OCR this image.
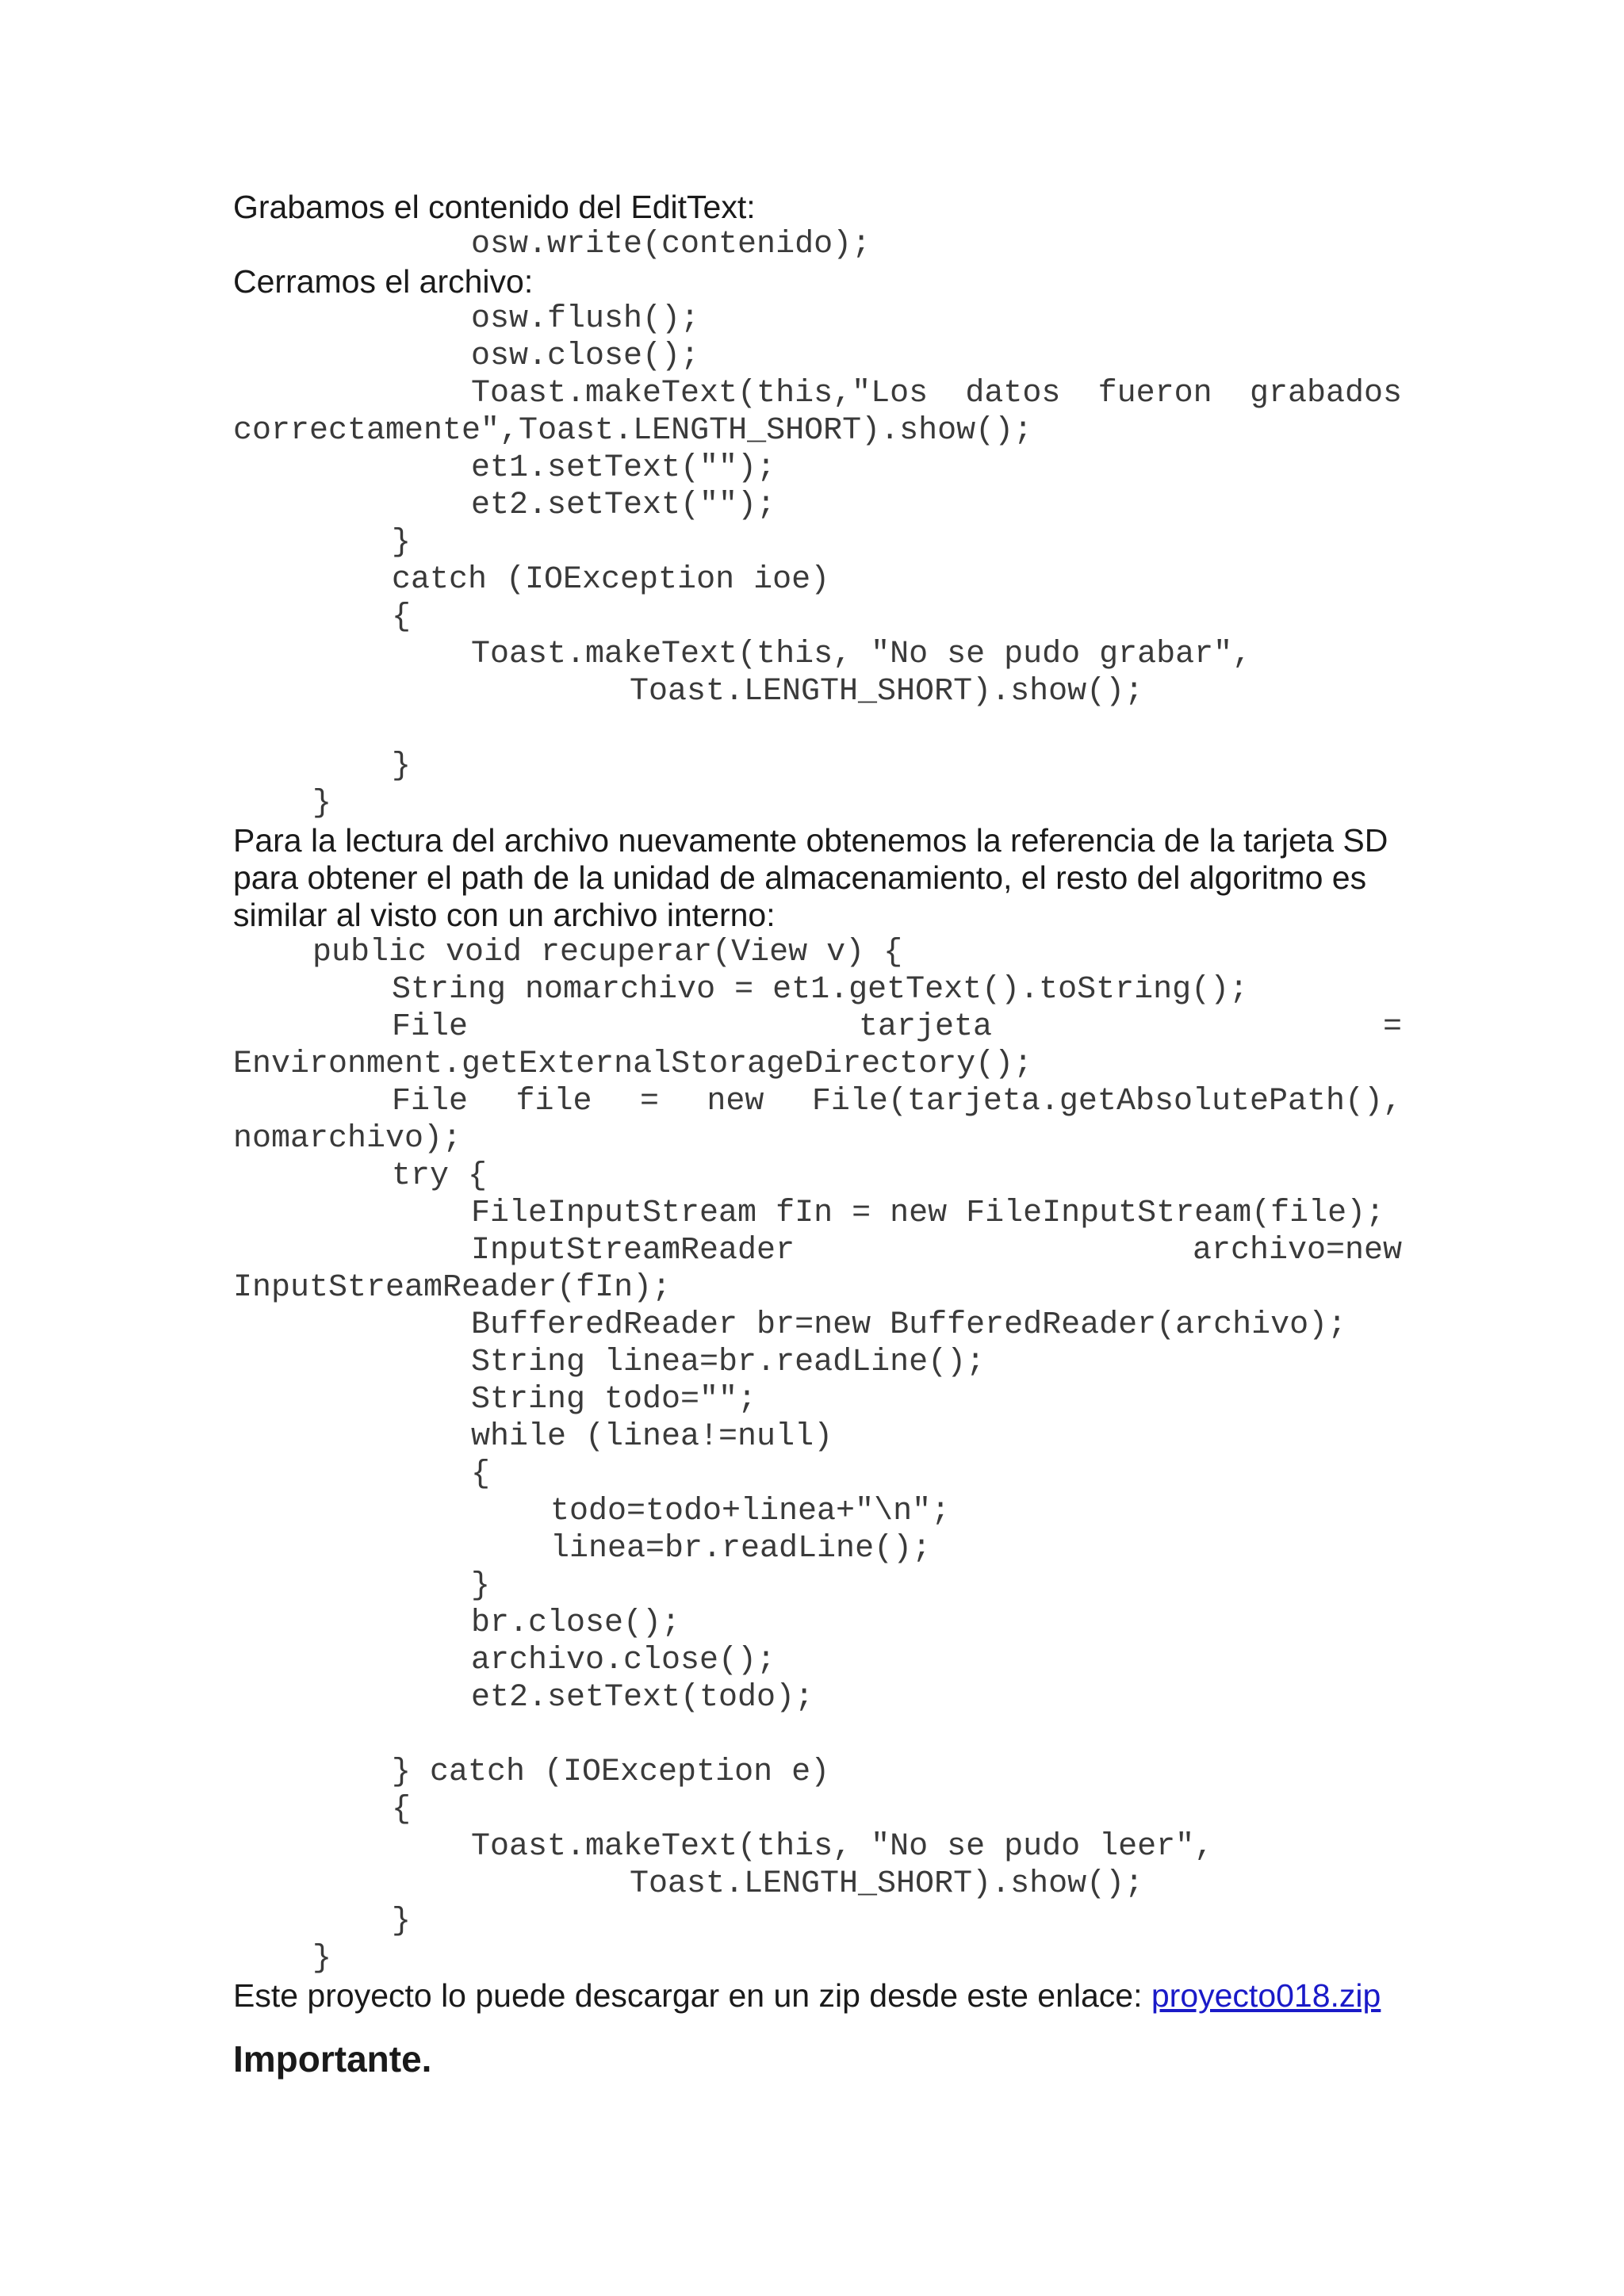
Grabamos el contenido del EditText:
osw.write(contenido);
Cerramos el archivo:
osw.flush();
osw.close();
Toast.makeText(this,"Los datos fueron grabados
correctamente",Toast.LENGTH_SHORT).show();
et1.setText("");
et2.setText("");
}
catch (IOException ioe)
{
Toast.makeText(this, "No se pudo grabar",
Toast.LENGTH_SHORT).show();
}
}
Para la lectura del archivo nuevamente obtenemos la referencia de la tarjeta SD
para obtener el path de la unidad de almacenamiento, el resto del algoritmo es
similar al visto con un archivo interno:
public void recuperar(View v) {
String nomarchivo = et1.getText().toString();
File	tarjeta	=
Environment.getExternalStorageDirectory();
File file = new File(tarjeta.getAbsolutePath(),
nomarchivo);
try {
FileInputStream fIn = new FileInputStream(file);
InputStreamReader	archivo=new
InputStreamReader(fIn);
BufferedReader br=new BufferedReader(archivo);
String linea=br.readLine();
String todo="";
while (linea!=null)
{
todo=todo+linea+"\n";
linea=br.readLine();
}
br.close();
archivo.close();
et2.setText(todo);
} catch (IOException e)
{
Toast.makeText(this, "No se pudo leer",
Toast.LENGTH_SHORT).show();
}
}
Este proyecto lo puede descargar en un zip desde este enlace: proyecto018.zip
Importante.
